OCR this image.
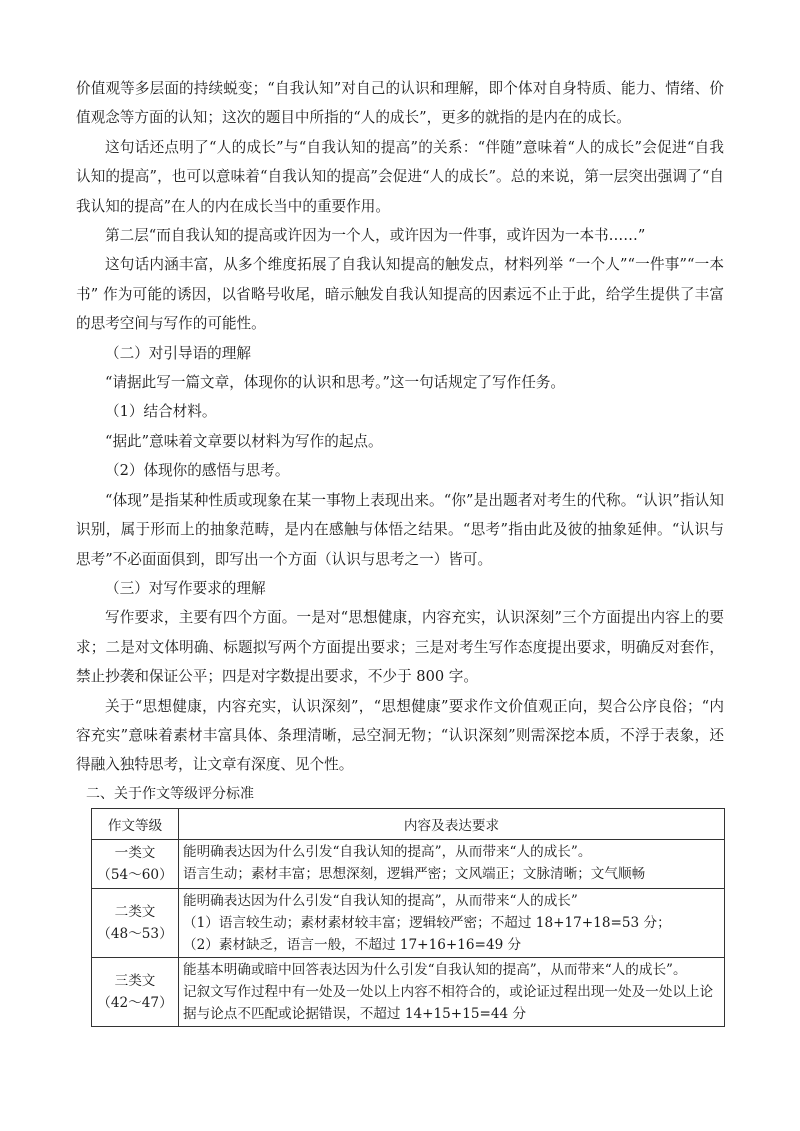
价值观等多层面的持续蜕变；“自我认知”对自己的认识和理解，即个体对自身特质、能力、情绪、价值观念等方面的认知；这次的题目中所指的“人的成长”，更多的就指的是内在的成长。

这句话还点明了“人的成长”与“自我认知的提高”的关系：“伴随”意味着“人的成长”会促进“自我认知的提高”，也可以意味着“自我认知的提高”会促进“人的成长”。总的来说，第一层突出强调了“自我认知的提高”在人的内在成长当中的重要作用。

第二层“而自我认知的提高或许因为一个人，或许因为一件事，或许因为一本书……”

这句话内涵丰富，从多个维度拓展了自我认知提高的触发点，材料列举 “一个人”“一件事”“一本书” 作为可能的诱因，以省略号收尾，暗示触发自我认知提高的因素远不止于此，给学生提供了丰富的思考空间与写作的可能性。

（二）对引导语的理解

“请据此写一篇文章，体现你的认识和思考。”这一句话规定了写作任务。

（1）结合材料。

“据此”意味着文章要以材料为写作的起点。

（2）体现你的感悟与思考。

“体现”是指某种性质或现象在某一事物上表现出来。“你”是出题者对考生的代称。“认识”指认知识别，属于形而上的抽象范畴，是内在感触与体悟之结果。“思考”指由此及彼的抽象延伸。“认识与思考”不必面面俱到，即写出一个方面（认识与思考之一）皆可。

（三）对写作要求的理解

写作要求，主要有四个方面。一是对“思想健康，内容充实，认识深刻”三个方面提出内容上的要求；二是对文体明确、标题拟写两个方面提出要求；三是对考生写作态度提出要求，明确反对套作，禁止抄袭和保证公平；四是对字数提出要求，不少于 800 字。

关于“思想健康，内容充实，认识深刻”，“思想健康”要求作文价值观正向，契合公序良俗；“内容充实”意味着素材丰富具体、条理清晰，忌空洞无物；“认识深刻”则需深挖本质，不浮于表象，还得融入独特思考，让文章有深度、见个性。

二、关于作文等级评分标准

作文等级	内容及表达要求

一类文
（54～60）	能明确表达因为什么引发“自我认知的提高”，从而带来“人的成长”。
语言生动；素材丰富；思想深刻，逻辑严密；文风端正；文脉清晰；文气顺畅

二类文
（48～53）	能明确表达因为什么引发“自我认知的提高”，从而带来“人的成长”
（1）语言较生动；素材素材较丰富；逻辑较严密；不超过 18+17+18=53 分；
（2）素材缺乏，语言一般，不超过 17+16+16=49 分

三类文
（42～47）	能基本明确或暗中回答表达因为什么引发“自我认知的提高”，从而带来“人的成长”。
记叙文写作过程中有一处及一处以上内容不相符合的，或论证过程出现一处及一处以上论据与论点不匹配或论据错误，不超过 14+15+15=44 分
